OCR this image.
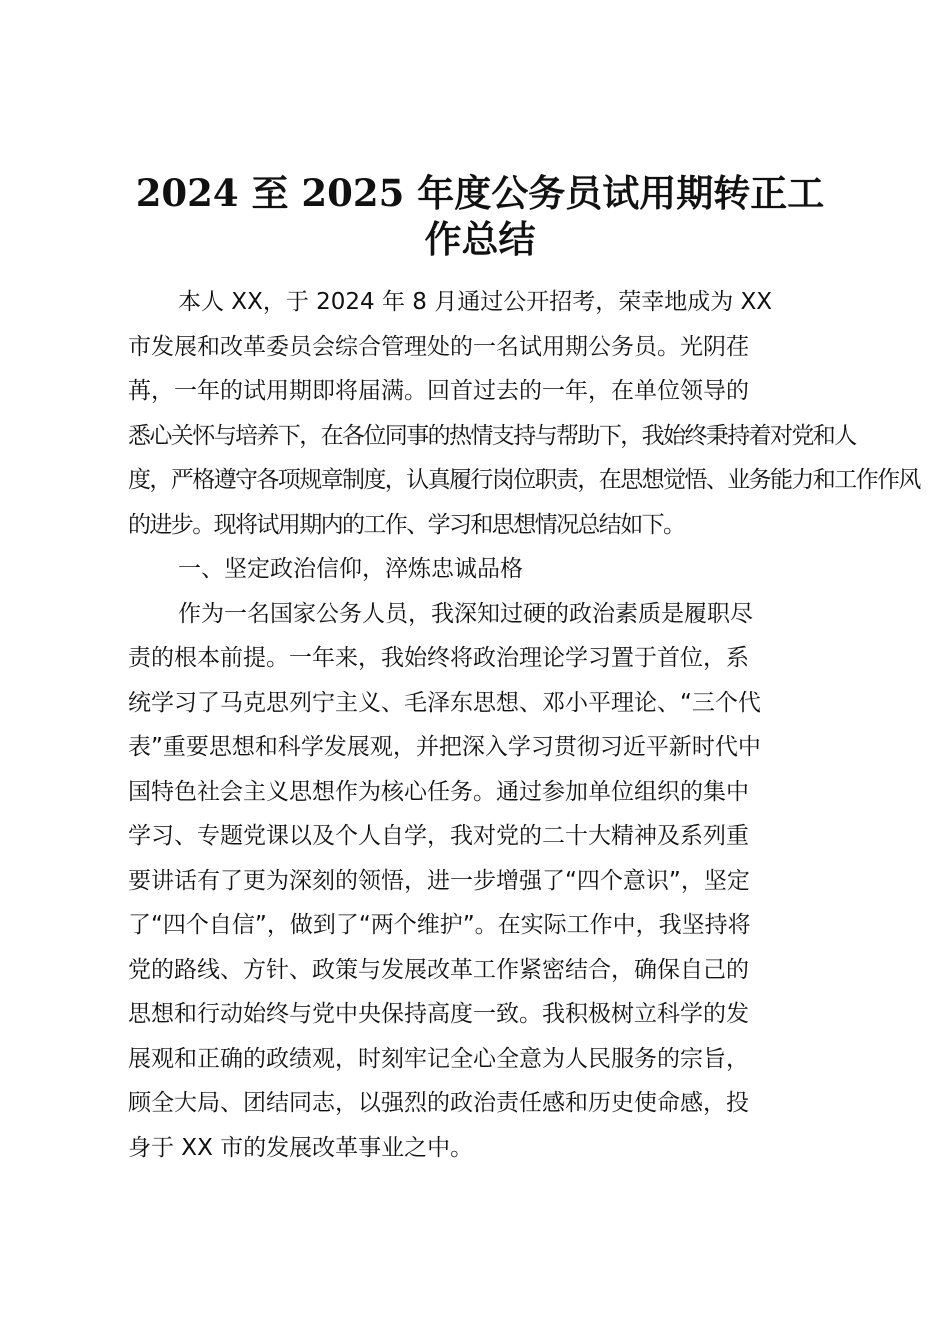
2024 至 2025 年度公务员试用期转正工
作总结
本人 XX，于 2024 年 8 月通过公开招考，荣幸地成为 XX
市发展和改革委员会综合管理处的一名试用期公务员。光阴荏
苒，一年的试用期即将届满。回首过去的一年，在单位领导的
悉心关怀与培养下，在各位同事的热情支持与帮助下，我始终秉持着对党和人
度，严格遵守各项规章制度，认真履行岗位职责，在思想觉悟、业务能力和工作作风
的进步。现将试用期内的工作、学习和思想情况总结如下。
一、坚定政治信仰，淬炼忠诚品格
作为一名国家公务人员，我深知过硬的政治素质是履职尽
责的根本前提。一年来，我始终将政治理论学习置于首位，系
统学习了马克思列宁主义、毛泽东思想、邓小平理论、“三个代
表”重要思想和科学发展观，并把深入学习贯彻习近平新时代中
国特色社会主义思想作为核心任务。通过参加单位组织的集中
学习、专题党课以及个人自学，我对党的二十大精神及系列重
要讲话有了更为深刻的领悟，进一步增强了“四个意识”，坚定
了“四个自信”，做到了“两个维护”。在实际工作中，我坚持将
党的路线、方针、政策与发展改革工作紧密结合，确保自己的
思想和行动始终与党中央保持高度一致。我积极树立科学的发
展观和正确的政绩观，时刻牢记全心全意为人民服务的宗旨，
顾全大局、团结同志，以强烈的政治责任感和历史使命感，投
身于 XX 市的发展改革事业之中。
